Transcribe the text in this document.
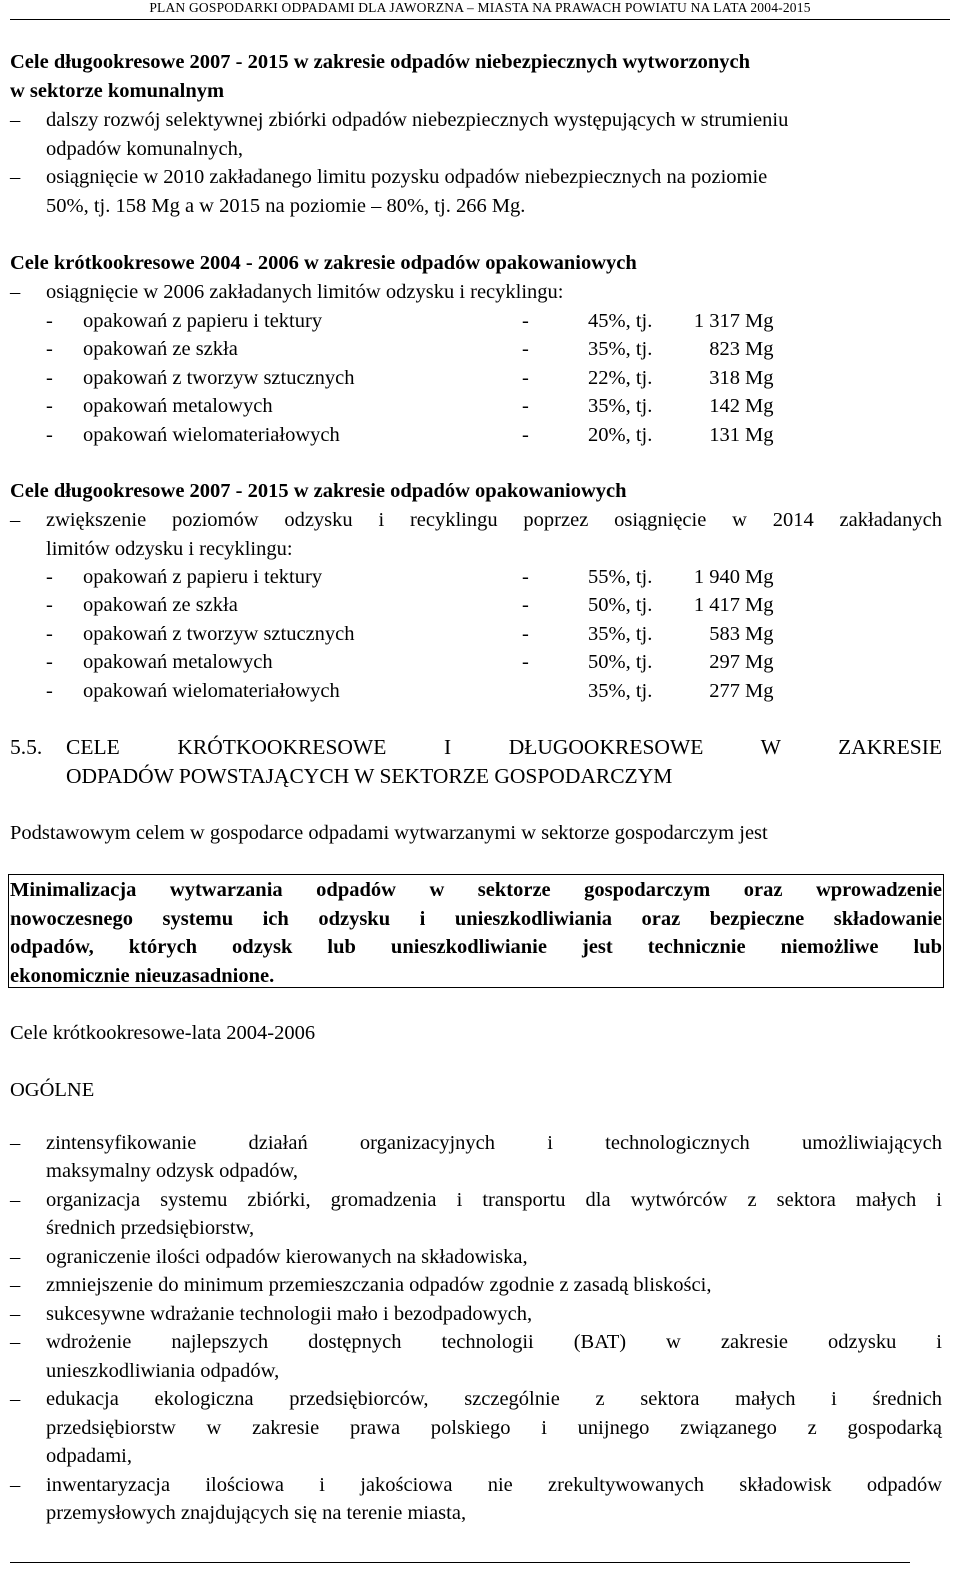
PLAN GOSPODARKI ODPADAMI DLA JAWORZNA – MIASTA NA PRAWACH POWIATU NA LATA 2004-2015
Cele długookresowe 2007 - 2015 w zakresie odpadów niebezpiecznych wytworzonych
w sektorze komunalnym
– dalszy rozwój selektywnej zbiórki odpadów niebezpiecznych występujących w strumieniu
odpadów komunalnych,
– osiągnięcie w 2010 zakładanego limitu pozysku odpadów niebezpiecznych na poziomie
50%, tj. 158 Mg a w 2015 na poziomie – 80%, tj. 266 Mg.
Cele krótkookresowe 2004 - 2006 w zakresie odpadów opakowaniowych
– osiągnięcie w 2006 zakładanych limitów odzysku i recyklingu:
- opakowań z papieru i tektury	-	45%, tj.	1 317 Mg
- opakowań ze szkła	-	35%, tj.	823 Mg
- opakowań z tworzyw sztucznych	-	22%, tj.	318 Mg
- opakowań metalowych	-	35%, tj.	142 Mg
- opakowań wielomateriałowych	-	20%, tj.	131 Mg
Cele długookresowe 2007 - 2015 w zakresie odpadów opakowaniowych
– zwiększenie poziomów odzysku i recyklingu poprzez osiągnięcie w 2014 zakładanych
limitów odzysku i recyklingu:
- opakowań z papieru i tektury	-	55%, tj.	1 940 Mg
- opakowań ze szkła	-	50%, tj.	1 417 Mg
- opakowań z tworzyw sztucznych	-	35%, tj.	583 Mg
- opakowań metalowych	-	50%, tj.	297 Mg
- opakowań wielomateriałowych	35%, tj.	277 Mg
5.5.	CELE KRÓTKOOKRESOWE I DŁUGOOKRESOWE W ZAKRESIE
ODPADÓW POWSTAJĄCYCH W SEKTORZE GOSPODARCZYM
Podstawowym celem w gospodarce odpadami wytwarzanymi w sektorze gospodarczym jest
Minimalizacja wytwarzania odpadów w sektorze gospodarczym oraz wprowadzenie
nowoczesnego systemu ich odzysku i unieszkodliwiania oraz bezpieczne składowanie
odpadów, których odzysk lub unieszkodliwianie jest technicznie niemożliwe lub
ekonomicznie nieuzasadnione.
Cele krótkookresowe-lata 2004-2006
OGÓLNE
– zintensyfikowanie działań organizacyjnych i technologicznych umożliwiających
maksymalny odzysk odpadów,
– organizacja systemu zbiórki, gromadzenia i transportu dla wytwórców z sektora małych i
średnich przedsiębiorstw,
– ograniczenie ilości odpadów kierowanych na składowiska,
– zmniejszenie do minimum przemieszczania odpadów zgodnie z zasadą bliskości,
– sukcesywne wdrażanie technologii mało i bezodpadowych,
– wdrożenie najlepszych dostępnych technologii (BAT) w zakresie odzysku i
unieszkodliwiania odpadów,
– edukacja ekologiczna przedsiębiorców, szczególnie z sektora małych i średnich
przedsiębiorstw w zakresie prawa polskiego i unijnego związanego z gospodarką
odpadami,
– inwentaryzacja ilościowa i jakościowa nie zrekultywowanych składowisk odpadów
przemysłowych znajdujących się na terenie miasta,
